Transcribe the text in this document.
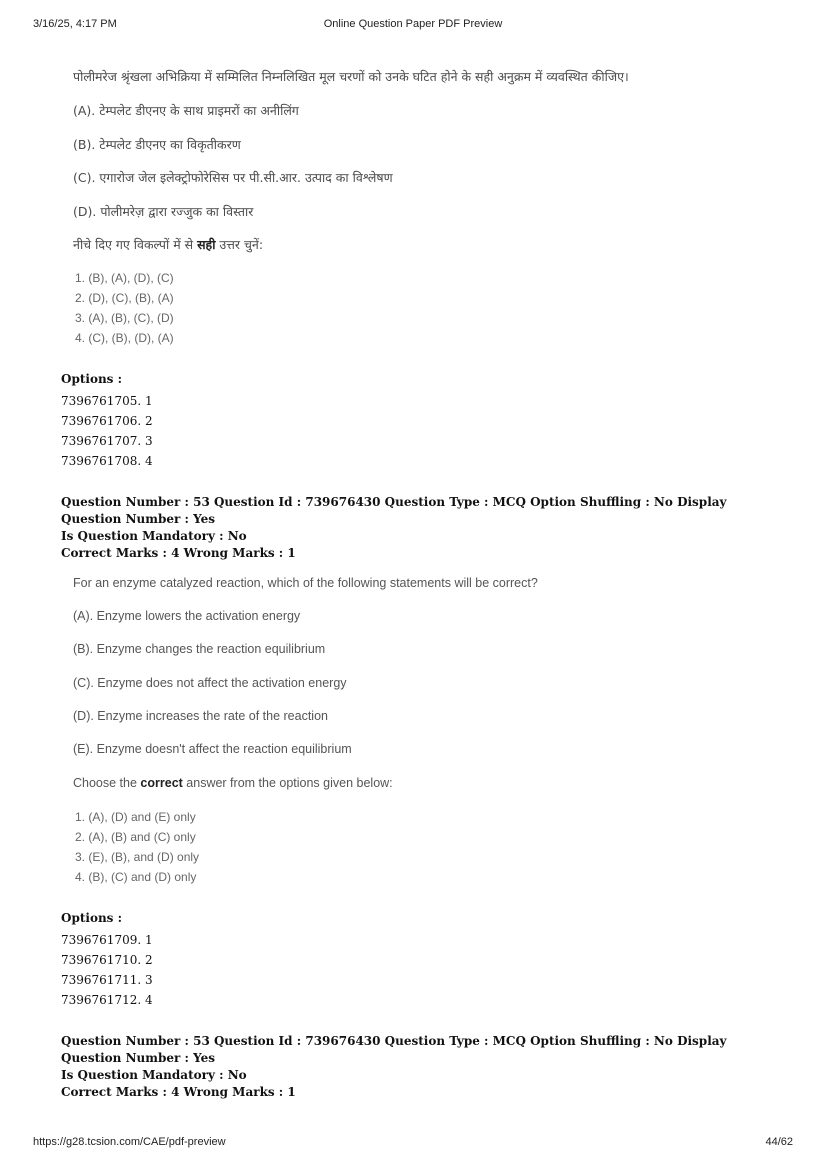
3/16/25, 4:17 PM	Online Question Paper PDF Preview
पोलीमरेज श्रृंखला अभिक्रिया में सम्मिलित निम्नलिखित मूल चरणों को उनके घटित होने के सही अनुक्रम में व्यवस्थित कीजिए।
(A). टेम्पलेट डीएनए के साथ प्राइमरों का अनीलिंग
(B). टेम्पलेट डीएनए का विकृतीकरण
(C). एगारोज जेल इलेक्ट्रोफोरेसिस पर पी.सी.आर. उत्पाद का विश्लेषण
(D). पोलीमरेज़ द्वारा रज्जुक का विस्तार
नीचे दिए गए विकल्पों में से सही उत्तर चुनें:
1. (B), (A), (D), (C)
2. (D), (C), (B), (A)
3. (A), (B), (C), (D)
4. (C), (B), (D), (A)
Options :
7396761705. 1
7396761706. 2
7396761707. 3
7396761708. 4
Question Number : 53 Question Id : 739676430 Question Type : MCQ Option Shuffling : No Display Question Number : Yes
Is Question Mandatory : No
Correct Marks : 4 Wrong Marks : 1
For an enzyme catalyzed reaction, which of the following statements will be correct?
(A). Enzyme lowers the activation energy
(B). Enzyme changes the reaction equilibrium
(C). Enzyme does not affect the activation energy
(D). Enzyme increases the rate of the reaction
(E). Enzyme doesn't affect the reaction equilibrium
Choose the correct answer from the options given below:
1. (A), (D) and (E) only
2. (A), (B) and (C) only
3. (E), (B), and (D) only
4. (B), (C) and (D) only
Options :
7396761709. 1
7396761710. 2
7396761711. 3
7396761712. 4
Question Number : 53 Question Id : 739676430 Question Type : MCQ Option Shuffling : No Display Question Number : Yes
Is Question Mandatory : No
Correct Marks : 4 Wrong Marks : 1
https://g28.tcsion.com/CAE/pdf-preview	44/62
